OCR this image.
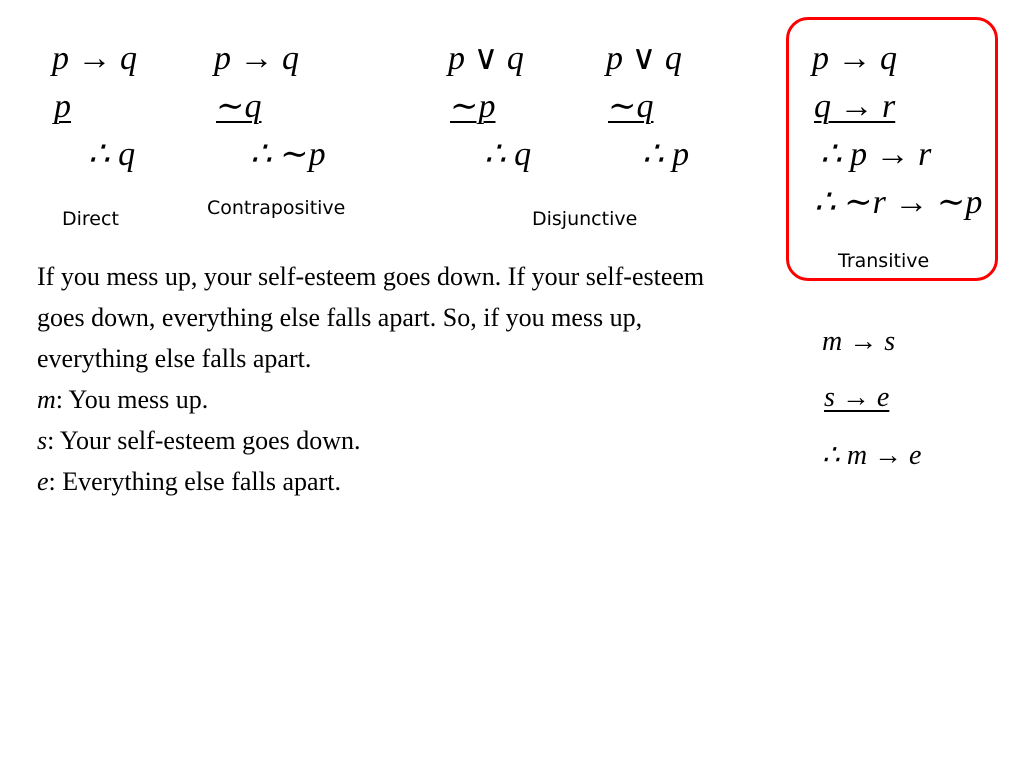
p → q
p
∴ q
Direct
p → q
∼q
∴ ∼p
Contrapositive
p ∨ q
∼p
∴ q
p ∨ q
∼q
∴ p
Disjunctive
p → q
q → r
∴ p → r
∴ ∼r → ∼p
Transitive

If you mess up, your self-esteem goes down. If your self-esteem goes down, everything else falls apart. So, if you mess up, everything else falls apart.

m: You mess up.

s: Your self-esteem goes down.

e: Everything else falls apart.

m → s
s → e
∴ m → e
